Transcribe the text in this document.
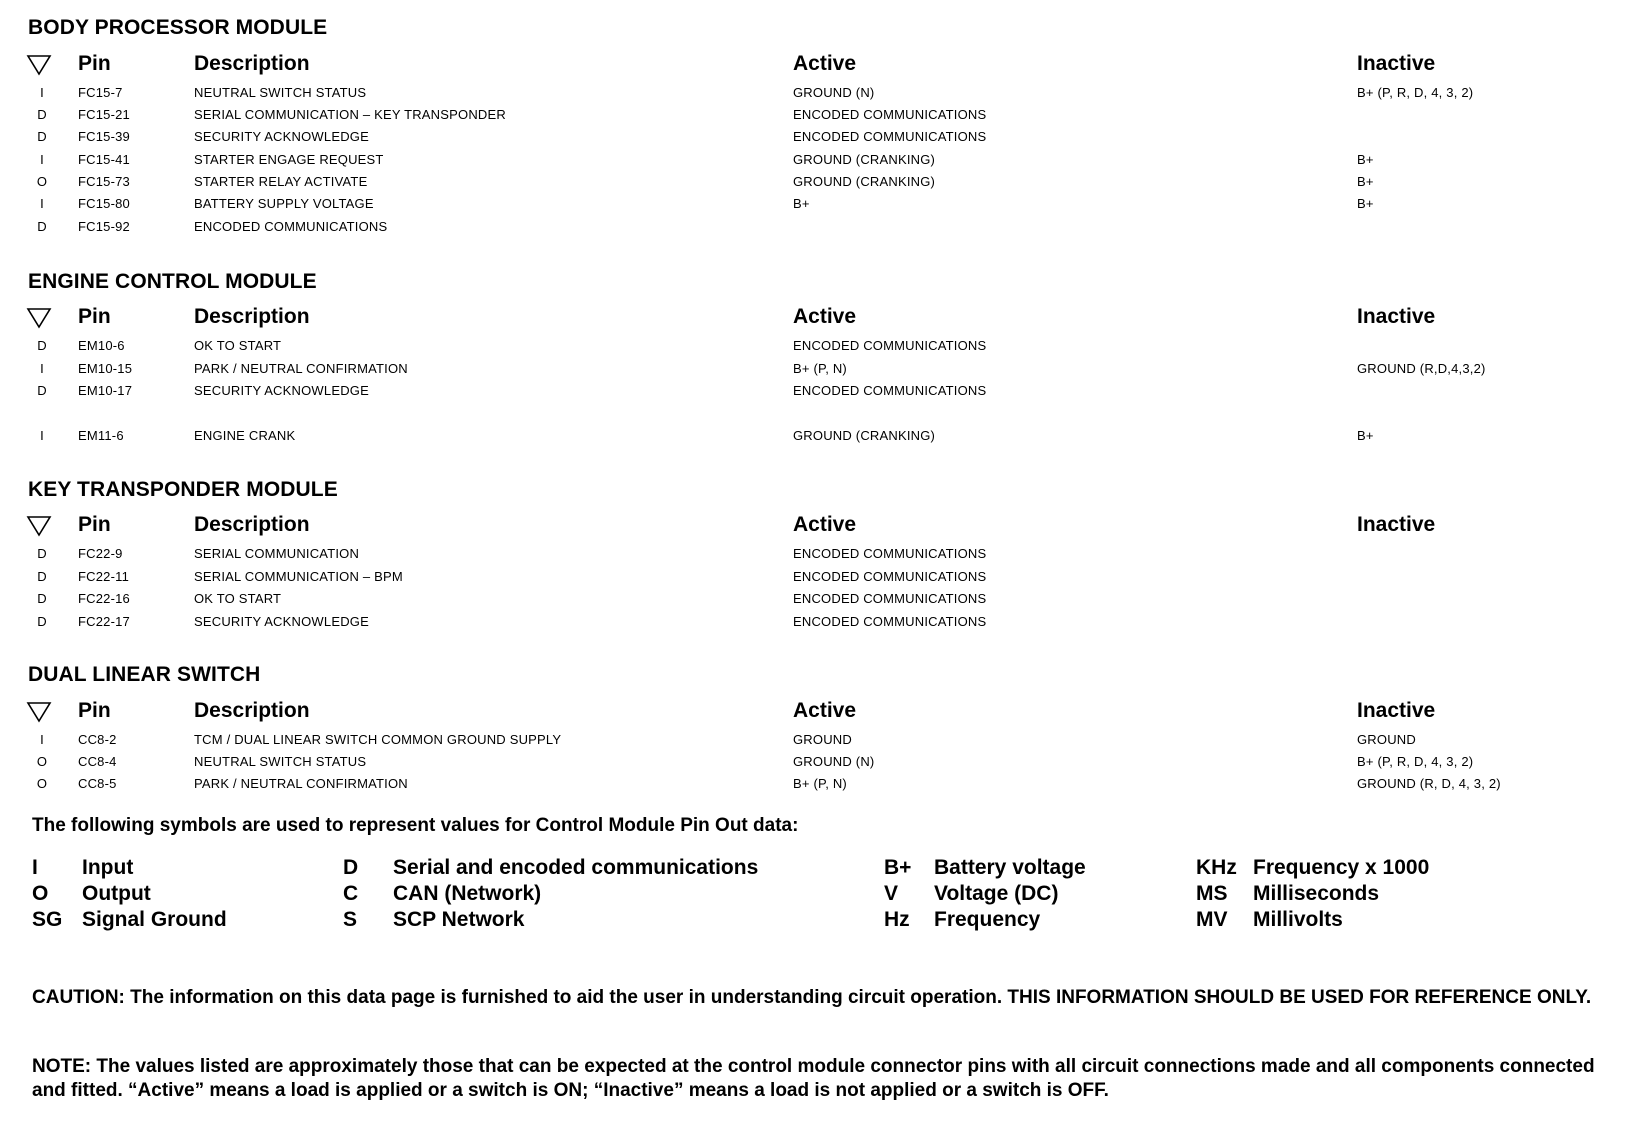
BODY PROCESSOR MODULE
Pin	Description	Active	Inactive
I	FC15-7	NEUTRAL SWITCH STATUS	GROUND (N)	B+ (P, R, D, 4, 3, 2)
D FC15-21	SERIAL COMMUNICATION – KEY TRANSPONDER	ENCODED COMMUNICATIONS
D FC15-39	SECURITY ACKNOWLEDGE	ENCODED COMMUNICATIONS
I	FC15-41	STARTER ENGAGE REQUEST	GROUND (CRANKING)	B+
O FC15-73	STARTER RELAY ACTIVATE	GROUND (CRANKING)	B+
I	FC15-80	BATTERY SUPPLY VOLTAGE	B+	B+
D FC15-92	ENCODED COMMUNICATIONS
ENGINE CONTROL MODULE
Pin	Description	Active	Inactive
D EM10-6	OK TO START	ENCODED COMMUNICATIONS
I	EM10-15	PARK / NEUTRAL CONFIRMATION	B+ (P, N)	GROUND (R,D,4,3,2)
D EM10-17	SECURITY ACKNOWLEDGE	ENCODED COMMUNICATIONS
I	EM11-6	ENGINE CRANK	GROUND (CRANKING)	B+
KEY TRANSPONDER MODULE
Pin	Description	Active	Inactive
D FC22-9	SERIAL COMMUNICATION	ENCODED COMMUNICATIONS
D FC22-11	SERIAL COMMUNICATION – BPM	ENCODED COMMUNICATIONS
D FC22-16	OK TO START	ENCODED COMMUNICATIONS
D FC22-17	SECURITY ACKNOWLEDGE	ENCODED COMMUNICATIONS
DUAL LINEAR SWITCH
Pin	Description	Active	Inactive
I	CC8-2	TCM / DUAL LINEAR SWITCH COMMON GROUND SUPPLY	GROUND	GROUND
O CC8-4	NEUTRAL SWITCH STATUS	GROUND (N)	B+ (P, R, D, 4, 3, 2)
O CC8-5	PARK / NEUTRAL CONFIRMATION	B+ (P, N)	GROUND (R, D, 4, 3, 2)
The following symbols are used to represent values for Control Module Pin Out data:
I Input	D Serial and encoded communications	B+ Battery voltage	KHz Frequency x 1000
O Output	C CAN (Network)	V Voltage (DC)	MS Milliseconds
SG Signal Ground	S SCP Network	Hz Frequency	MV Millivolts
CAUTION: The information on this data page is furnished to aid the user in understanding circuit operation. THIS INFORMATION SHOULD BE USED FOR REFERENCE ONLY.
NOTE: The values listed are approximately those that can be expected at the control module connector pins with all circuit connections made and all components connected and fitted. “Active” means a load is applied or a switch is ON; “Inactive” means a load is not applied or a switch is OFF.
